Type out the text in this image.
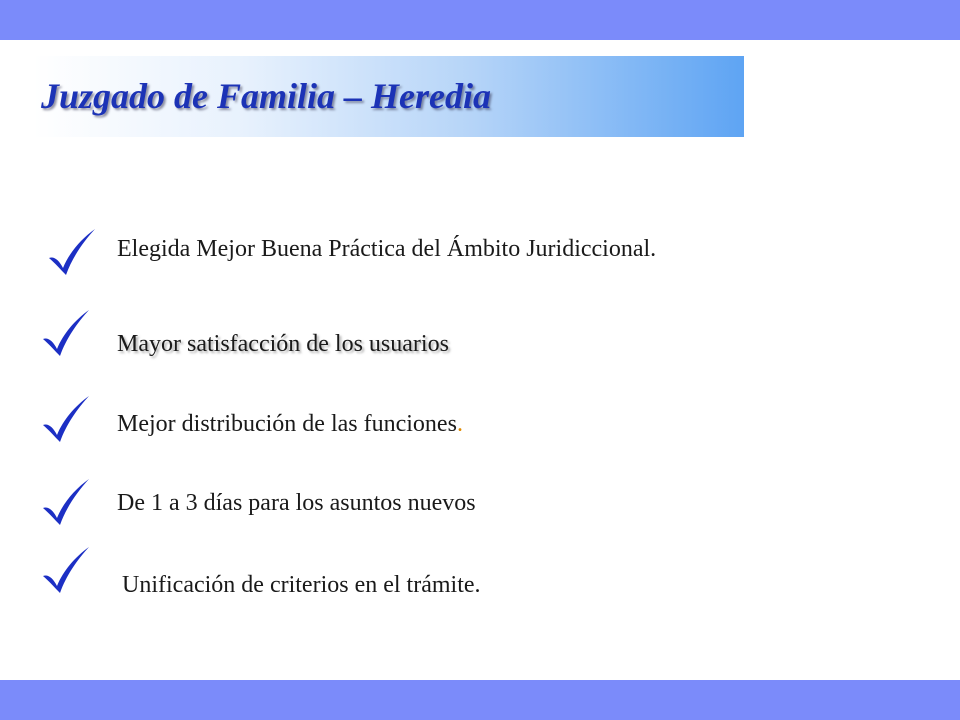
Juzgado de Familia – Heredia
Elegida Mejor Buena Práctica del Ámbito Juridiccional.
Mayor satisfacción de los usuarios
Mejor distribución de las funciones.
De 1 a 3 días para los asuntos nuevos
Unificación de criterios en el trámite.
